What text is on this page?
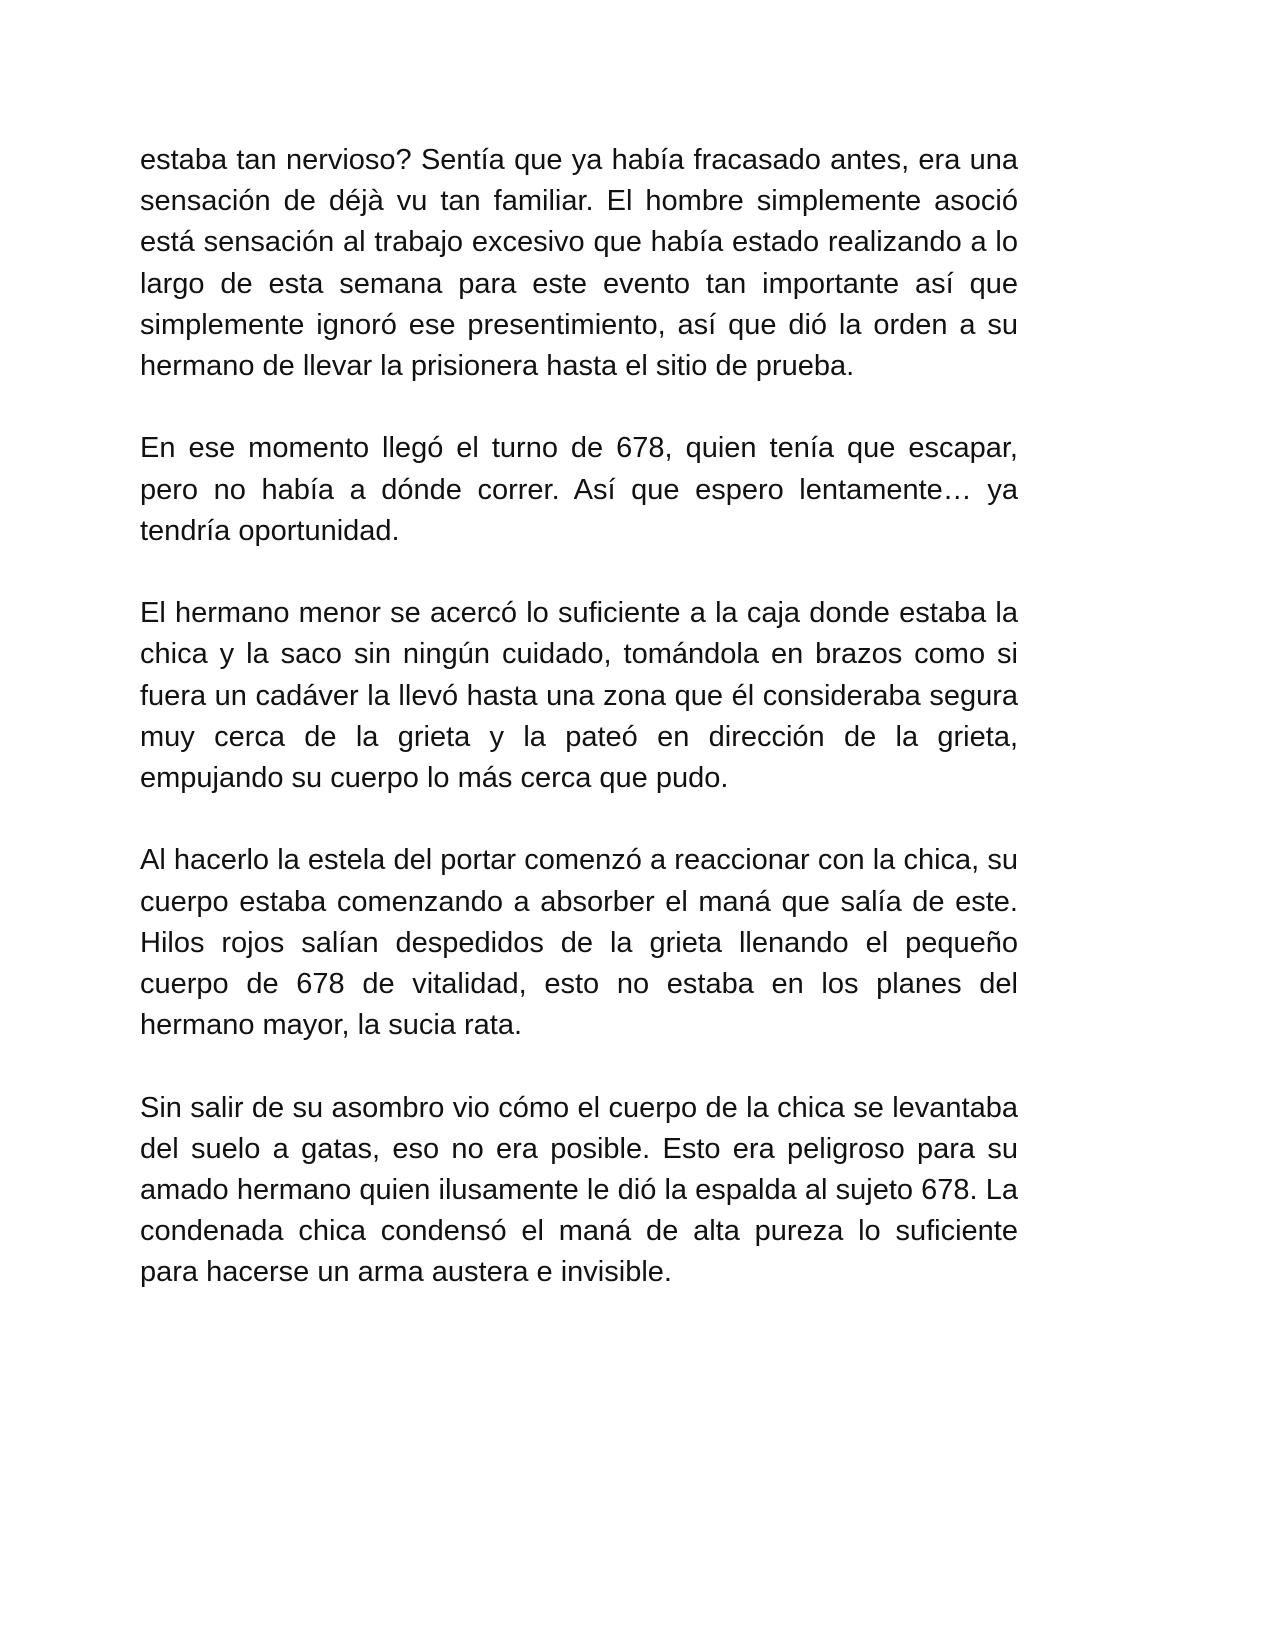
estaba tan nervioso? Sentía que ya había fracasado antes, era una sensación de déjà vu tan familiar. El hombre simplemente asoció está sensación al trabajo excesivo que había estado realizando a lo largo de esta semana para este evento tan importante así que simplemente ignoró ese presentimiento, así que dió la orden a su hermano de llevar la prisionera hasta el sitio de prueba.

En ese momento llegó el turno de 678, quien tenía que escapar, pero no había a dónde correr. Así que espero lentamente… ya tendría oportunidad.

El hermano menor se acercó lo suficiente a la caja donde estaba la chica y la saco sin ningún cuidado, tomándola en brazos como si fuera un cadáver la llevó hasta una zona que él consideraba segura muy cerca de la grieta y la pateó en dirección de la grieta, empujando su cuerpo lo más cerca que pudo.

Al hacerlo la estela del portar comenzó a reaccionar con la chica, su cuerpo estaba comenzando a absorber el maná que salía de este. Hilos rojos salían despedidos de la grieta llenando el pequeño cuerpo de 678 de vitalidad, esto no estaba en los planes del hermano mayor, la sucia rata.

Sin salir de su asombro vio cómo el cuerpo de la chica se levantaba del suelo a gatas, eso no era posible. Esto era peligroso para su amado hermano quien ilusamente le dió la espalda al sujeto 678. La condenada chica condensó el maná de alta pureza lo suficiente para hacerse un arma austera e invisible.
